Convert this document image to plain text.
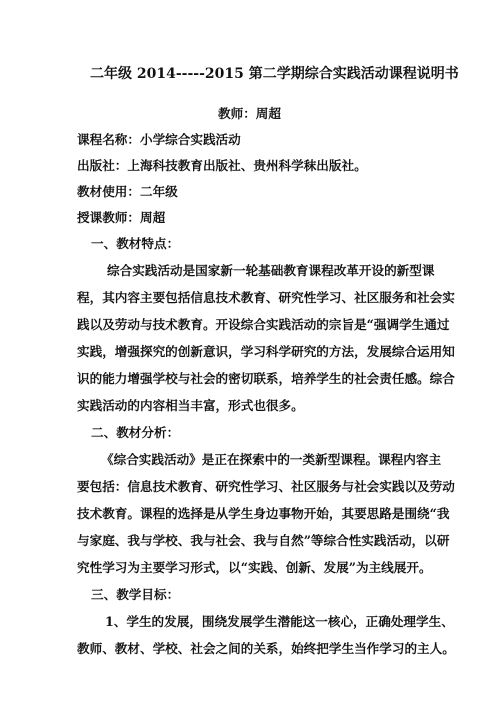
二年级 2014-----2015 第二学期综合实践活动课程说明书
教师：周超
课程名称：小学综合实践活动
出版社：上海科技教育出版社、贵州科学秣出版社。
教材使用：二年级
授课教师：周超
一、教材特点：
综合实践活动是国家新一轮基础教育课程改革开设的新型课
程，其内容主要包括信息技术教育、研究性学习、社区服务和社会实
践以及劳动与技术教育。开设综合实践活动的宗旨是“强调学生通过
实践，增强探究的创新意识，学习科学研究的方法，发展综合运用知
识的能力增强学校与社会的密切联系，培养学生的社会责任感。综合
实践活动的内容相当丰富，形式也很多。
二、教材分析：
《综合实践活动》是正在探索中的一类新型课程。课程内容主
要包括：信息技术教育、研究性学习、社区服务与社会实践以及劳动
技术教育。课程的选择是从学生身边事物开始，其要思路是围绕“我
与家庭、我与学校、我与社会、我与自然”等综合性实践活动，以研
究性学习为主要学习形式，以“实践、创新、发展”为主线展开。
三、教学目标：
1、学生的发展，围绕发展学生潜能这一核心，正确处理学生、
教师、教材、学校、社会之间的关系，始终把学生当作学习的主人。
